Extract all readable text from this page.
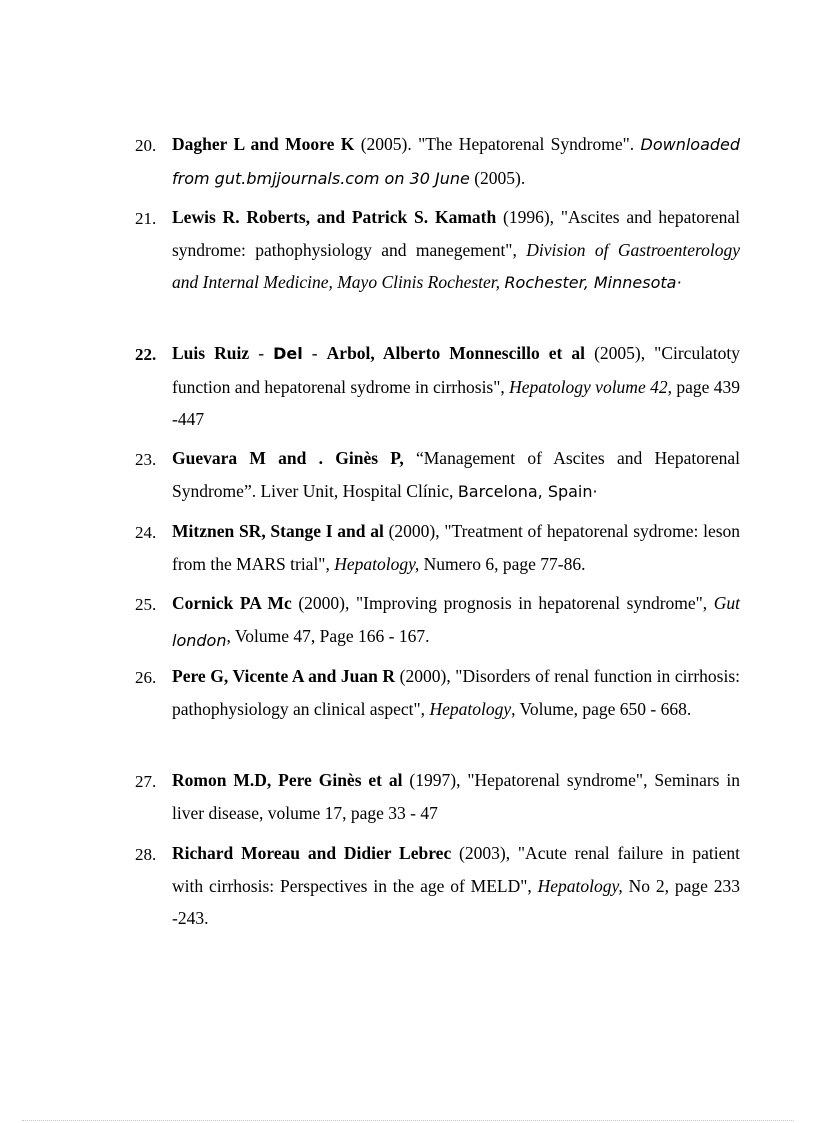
20. Dagher L and Moore K (2005). "The Hepatorenal Syndrome". Downloaded from gut.bmjjournals.com on 30 June (2005).
21. Lewis R. Roberts, and Patrick S. Kamath (1996), "Ascites and hepatorenal syndrome: pathophysiology and manegement", Division of Gastroenterology and Internal Medicine, Mayo Clinis Rochester, Rochester, Minnesota·
22. Luis Ruiz - Del - Arbol, Alberto Monnescillo et al (2005), "Circulatoty function and hepatorenal sydrome in cirrhosis", Hepatology volume 42, page 439 -447
23. Guevara M and . Ginès P, “Management of Ascites and Hepatorenal Syndrome”. Liver Unit, Hospital Clínic, Barcelona, Spain·
24. Mitznen SR, Stange I and al (2000), "Treatment of hepatorenal sydrome: leson from the MARS trial", Hepatology, Numero 6, page 77-86.
25. Cornick PA Mc (2000), "Improving prognosis in hepatorenal syndrome", Gut london, Volume 47, Page 166 - 167.
26. Pere G, Vicente A and Juan R (2000), "Disorders of renal function in cirrhosis: pathophysiology an clinical aspect", Hepatology, Volume, page 650 - 668.
27. Romon M.D, Pere Ginès et al (1997), "Hepatorenal syndrome", Seminars in liver disease, volume 17, page 33 - 47
28. Richard Moreau and Didier Lebrec (2003), "Acute renal failure in patient with cirrhosis: Perspectives in the age of MELD", Hepatology, No 2, page 233 -243.
